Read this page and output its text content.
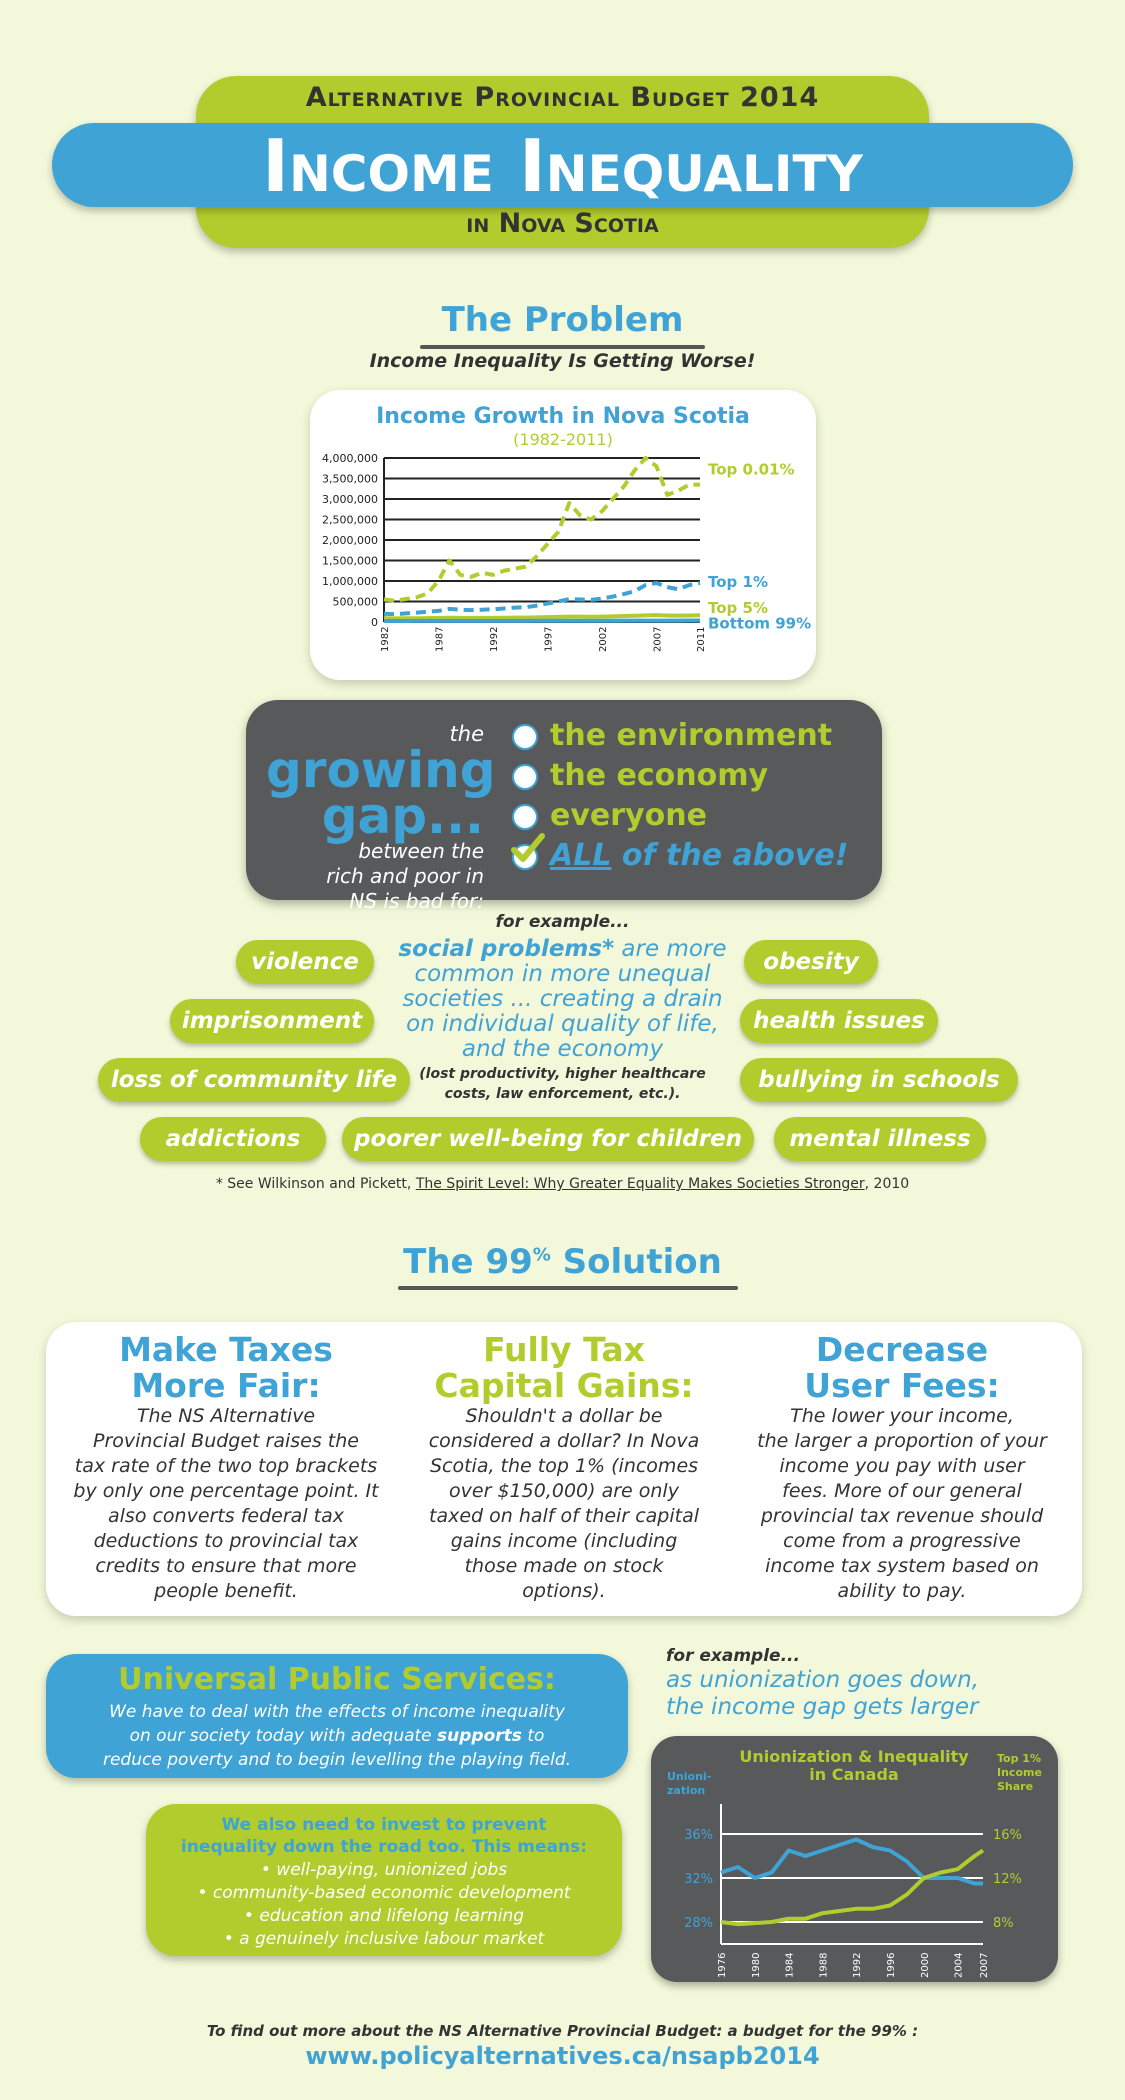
Alternative Provincial Budget 2014
Income Inequality
in Nova Scotia
The Problem
Income Inequality Is Getting Worse!
Income Growth in Nova Scotia
(1982-2011)
4,000,000
3,500,000
3,000,000
2,500,000
2,000,000
1,500,000
1,000,000
500,000
0
1982	1987	1992	1997	2002	2007	2011
Top 0.01%
Top 1%
Top 5%
Bottom 99%
the
growing
gap...
between the
rich and poor in
NS is bad for:
the environment
the economy
everyone
ALL of the above!
for example...
social problems* are more
common in more unequal
societies ... creating a drain
on individual quality of life,
and the economy
(lost productivity, higher healthcare
costs, law enforcement, etc.).
violence
imprisonment
loss of community life
addictions	poorer well-being for children
obesity
health issues
bullying in schools
mental illness
* See Wilkinson and Pickett, The Spirit Level: Why Greater Equality Makes Societies Stronger, 2010
The 99% Solution
Make Taxes
More Fair:
The NS Alternative
Provincial Budget raises the
tax rate of the two top brackets
by only one percentage point. It
also converts federal tax
deductions to provincial tax
credits to ensure that more
people benefit.
Fully Tax
Capital Gains:
Shouldn't a dollar be
considered a dollar? In Nova
Scotia, the top 1% (incomes
over $150,000) are only
taxed on half of their capital
gains income (including
those made on stock
options).
Decrease
User Fees:
The lower your income,
the larger a proportion of your
income you pay with user
fees. More of our general
provincial tax revenue should
come from a progressive
income tax system based on
ability to pay.
Universal Public Services:
We have to deal with the effects of income inequality
on our society today with adequate supports to
reduce poverty and to begin levelling the playing field.
We also need to invest to prevent
inequality down the road too. This means:
• well-paying, unionized jobs
• community-based economic development
• education and lifelong learning
• a genuinely inclusive labour market
for example...
as unionization goes down,
the income gap gets larger
Unionization & Inequality
in Canada
Unioni-
zation
Top 1%
Income
Share
36%
32%
28%
16%
12%
8%
1976 1980 1984 1988 1992 1996 2000 2004 2007
To find out more about the NS Alternative Provincial Budget: a budget for the 99% :
www.policyalternatives.ca/nsapb2014
